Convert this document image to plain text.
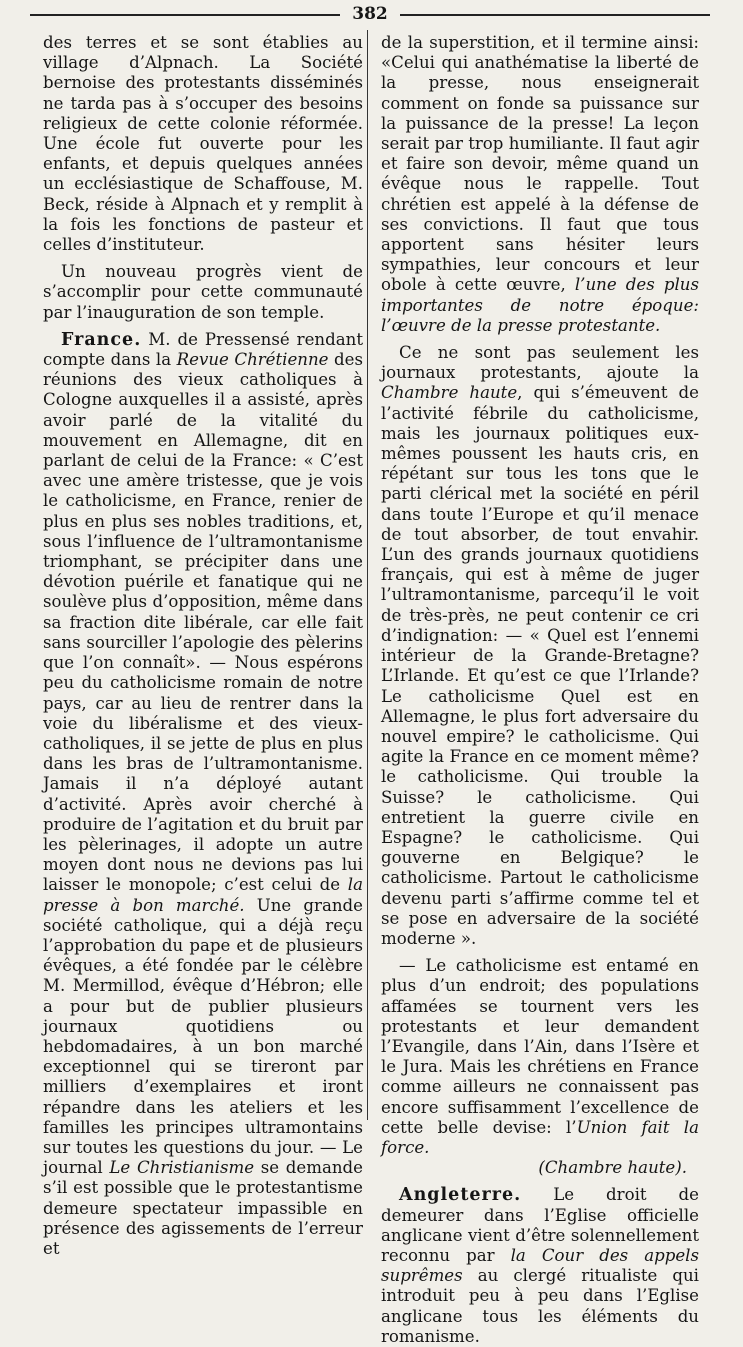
382

des terres et se sont établies au village d’Alpnach. La Société bernoise des protestants disséminés ne tarda pas à s’occuper des besoins religieux de cette colonie réformée. Une école fut ouverte pour les enfants, et depuis quelques années un ecclésiastique de Schaffouse, M. Beck, réside à Alpnach et y remplit à la fois les fonctions de pasteur et celles d’instituteur.

Un nouveau progrès vient de s’accomplir pour cette communauté par l’inauguration de son temple.

France. M. de Pressensé rendant compte dans la Revue Chrétienne des réunions des vieux catholiques à Cologne auxquelles il a assisté, après avoir parlé de la vitalité du mouvement en Allemagne, dit en parlant de celui de la France: « C’est avec une amère tristesse, que je vois le catholicisme, en France, renier de plus en plus ses nobles traditions, et, sous l’influence de l’ultramontanisme triomphant, se précipiter dans une dévotion puérile et fanatique qui ne soulève plus d’opposition, même dans sa fraction dite libérale, car elle fait sans sourciller l’apologie des pèlerins que l’on connaît». — Nous espérons peu du catholicisme romain de notre pays, car au lieu de rentrer dans la voie du libéralisme et des vieux-catholiques, il se jette de plus en plus dans les bras de l’ultramontanisme. Jamais il n’a déployé autant d’activité. Après avoir cherché à produire de l’agitation et du bruit par les pèlerinages, il adopte un autre moyen dont nous ne devions pas lui laisser le monopole; c’est celui de la presse à bon marché. Une grande société catholique, qui a déjà reçu l’approbation du pape et de plusieurs évêques, a été fondée par le célèbre M. Mermillod, évêque d’Hébron; elle a pour but de publier plusieurs journaux quotidiens ou hebdomadaires, à un bon marché exceptionnel qui se tireront par milliers d’exemplaires et iront répandre dans les ateliers et les familles les principes ultramontains sur toutes les questions du jour. — Le journal Le Christianisme se demande s’il est possible que le protestantisme demeure spectateur impassible en présence des agissements de l’erreur et

de la superstition, et il termine ainsi: «Celui qui anathématise la liberté de la presse, nous enseignerait comment on fonde sa puissance sur la puissance de la presse! La leçon serait par trop humiliante. Il faut agir et faire son devoir, même quand un évêque nous le rappelle. Tout chrétien est appelé à la défense de ses convictions. Il faut que tous apportent sans hésiter leurs sympathies, leur concours et leur obole à cette œuvre, l’une des plus importantes de notre époque: l’œuvre de la presse protestante.

Ce ne sont pas seulement les journaux protestants, ajoute la Chambre haute, qui s’émeuvent de l’activité fébrile du catholicisme, mais les journaux politiques eux-mêmes poussent les hauts cris, en répétant sur tous les tons que le parti clérical met la société en péril dans toute l’Europe et qu’il menace de tout absorber, de tout envahir. L’un des grands journaux quotidiens français, qui est à même de juger l’ultramontanisme, parcequ’il le voit de très-près, ne peut contenir ce cri d’indignation: — « Quel est l’ennemi intérieur de la Grande-Bretagne? L’Irlande. Et qu’est ce que l’Irlande? Le catholicisme Quel est en Allemagne, le plus fort adversaire du nouvel empire? le catholicisme. Qui agite la France en ce moment même? le catholicisme. Qui trouble la Suisse? le catholicisme. Qui entretient la guerre civile en Espagne? le catholicisme. Qui gouverne en Belgique? le catholicisme. Partout le catholicisme devenu parti s’affirme comme tel et se pose en adversaire de la société moderne ».

— Le catholicisme est entamé en plus d’un endroit; des populations affamées se tournent vers les protestants et leur demandent l’Evangile, dans l’Ain, dans l’Isère et le Jura. Mais les chrétiens en France comme ailleurs ne connaissent pas encore suffisamment l’excellence de cette belle devise: l’Union fait la force.

(Chambre haute).

Angleterre. Le droit de demeurer dans l’Eglise officielle anglicane vient d’être solennellement reconnu par la Cour des appels suprêmes au clergé ritualiste qui introduit peu à peu dans l’Eglise anglicane tous les éléments du romanisme.
